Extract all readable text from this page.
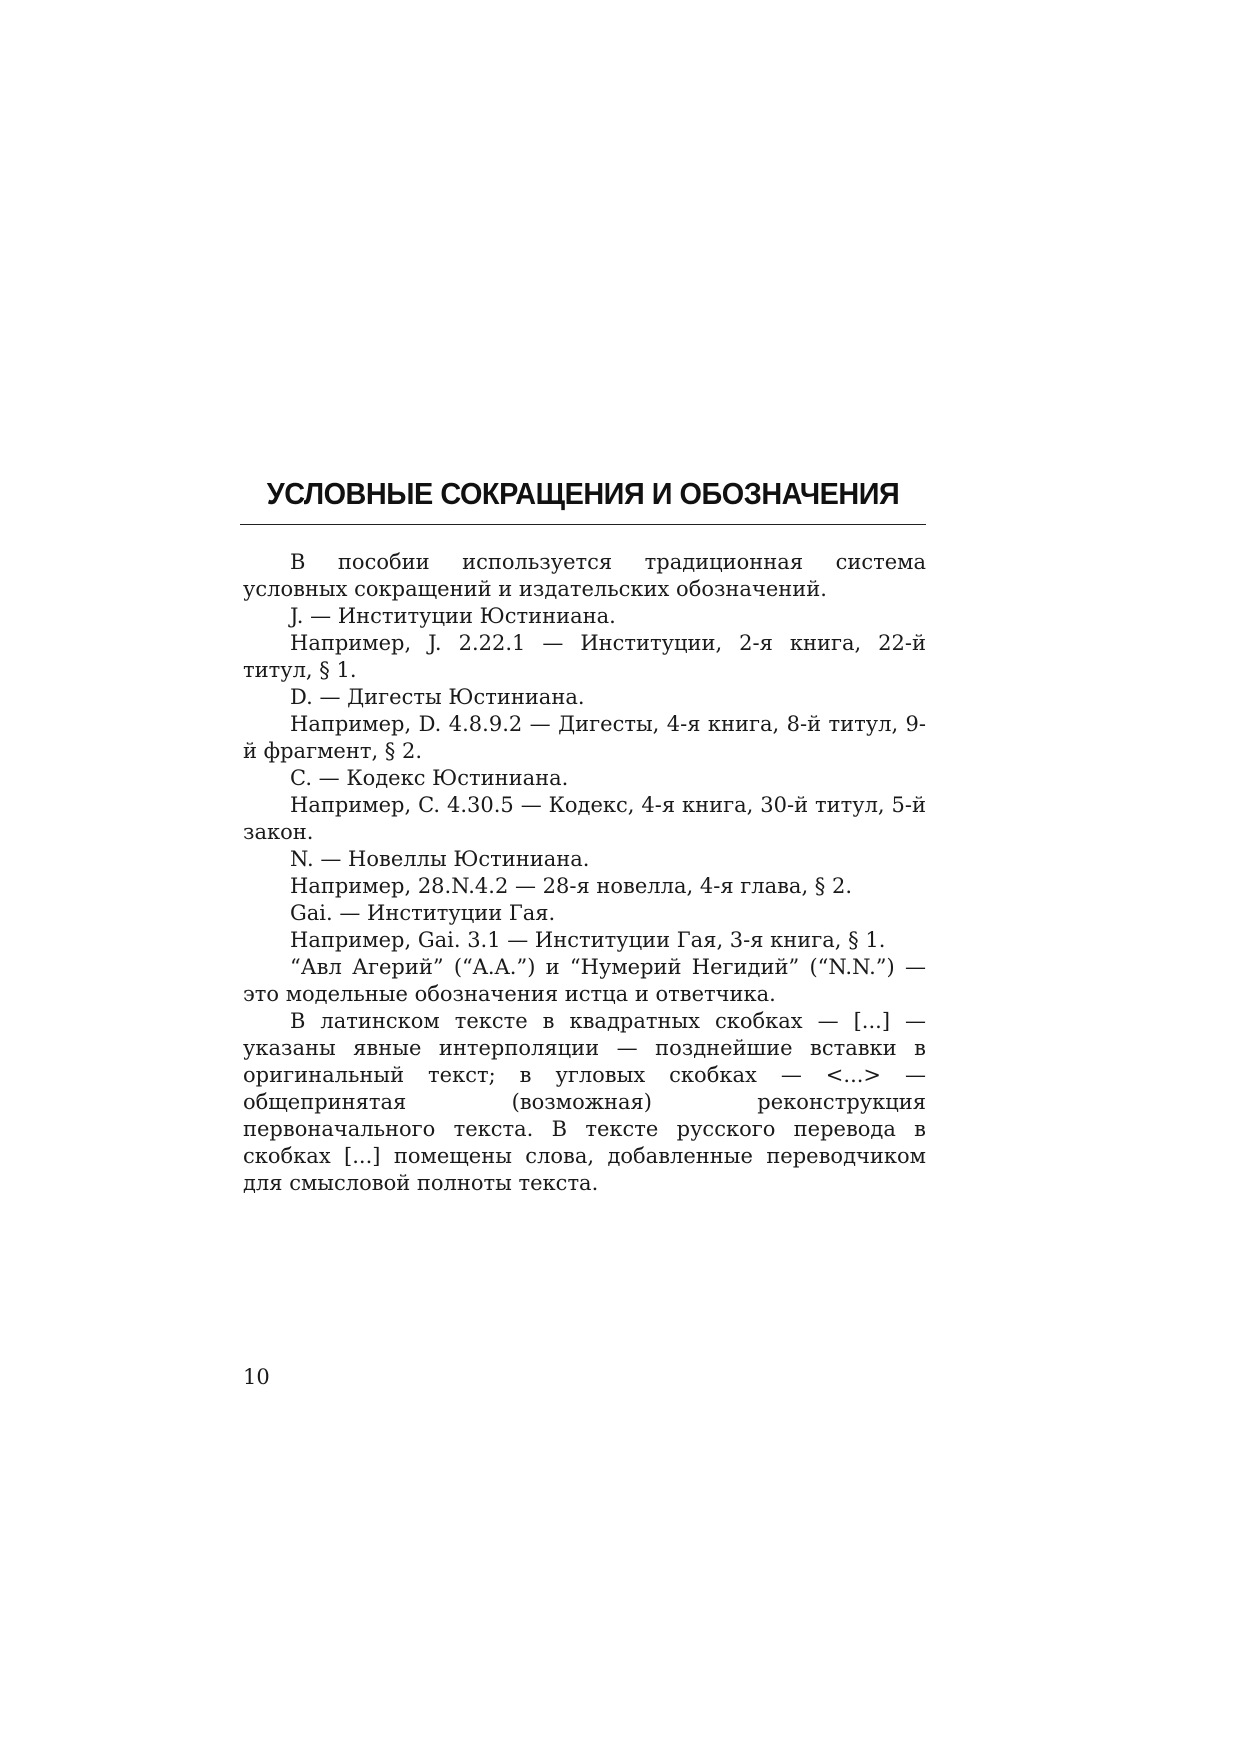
УСЛОВНЫЕ СОКРАЩЕНИЯ И ОБОЗНАЧЕНИЯ

В пособии используется традиционная система условных сокращений и издательских обозначений.

J. — Институции Юстиниана.

Например, J. 2.22.1 — Институции, 2-я книга, 22-й титул, § 1.

D. — Дигесты Юстиниана.

Например, D. 4.8.9.2 — Дигесты, 4-я книга, 8-й титул, 9-й фрагмент, § 2.

C. — Кодекс Юстиниана.

Например, C. 4.30.5 — Кодекс, 4-я книга, 30-й титул, 5-й закон.

N. — Новеллы Юстиниана.

Например, 28.N.4.2 — 28-я новелла, 4-я глава, § 2.

Gai. — Институции Гая.

Например, Gai. 3.1 — Институции Гая, 3-я книга, § 1.

“Авл Агерий” (“A.A.”) и “Нумерий Негидий” (“N.N.”) — это модельные обозначения истца и ответчика.

В латинском тексте в квадратных скобках — [...] — указаны явные интерполяции — позднейшие вставки в оригинальный текст; в угловых скобках — <...> — общепринятая (возможная) реконструкция первоначального текста. В тексте русского перевода в скобках [...] помещены слова, добавленные переводчиком для смысловой полноты текста.

10
